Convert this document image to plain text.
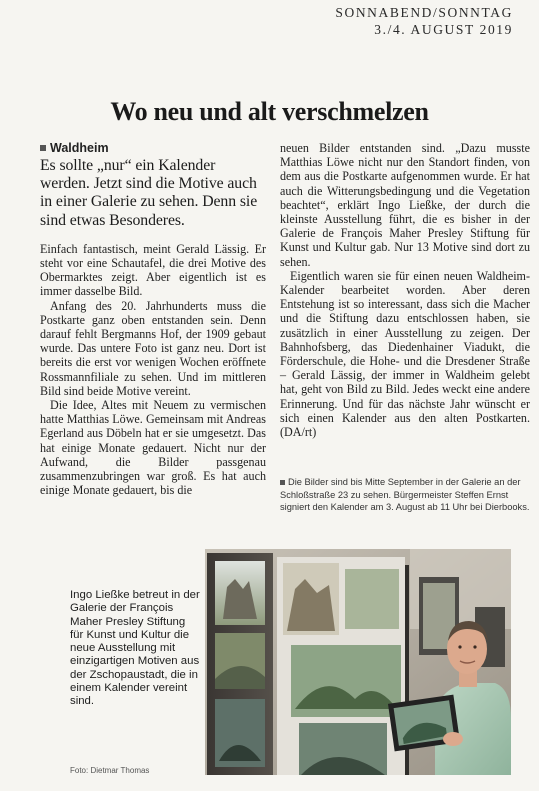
SONNABEND/SONNTAG
3./4. AUGUST 2019
Wo neu und alt verschmelzen
Waldheim
Es sollte „nur“ ein Kalender werden. Jetzt sind die Motive auch in einer Galerie zu sehen. Denn sie sind etwas Besonderes.

Einfach fantastisch, meint Gerald Lässig. Er steht vor eine Schautafel, die drei Motive des Obermarktes zeigt. Aber eigentlich ist es immer dasselbe Bild.

Anfang des 20. Jahrhunderts muss die Postkarte ganz oben entstanden sein. Denn darauf fehlt Bergmanns Hof, der 1909 gebaut wurde. Das untere Foto ist ganz neu. Dort ist bereits die erst vor wenigen Wochen eröffnete Rossmannfiliale zu sehen. Und im mittleren Bild sind beide Motive vereint.

Die Idee, Altes mit Neuem zu vermischen hatte Matthias Löwe. Gemeinsam mit Andreas Egerland aus Döbeln hat er sie umgesetzt. Das hat einige Monate gedauert. Nicht nur der Aufwand, die Bilder passgenau zusammenzubringen war groß. Es hat auch einige Monate gedauert, bis die

neuen Bilder entstanden sind. „Dazu musste Matthias Löwe nicht nur den Standort finden, von dem aus die Postkarte aufgenommen wurde. Er hat auch die Witterungsbedingung und die Vegetation beachtet“, erklärt Ingo Ließke, der durch die kleinste Ausstellung führt, die es bisher in der Galerie de François Maher Presley Stiftung für Kunst und Kultur gab. Nur 13 Motive sind dort zu sehen.

Eigentlich waren sie für einen neuen Waldheim-Kalender bearbeitet worden. Aber deren Entstehung ist so interessant, dass sich die Macher und die Stiftung dazu entschlossen haben, sie zusätzlich in einer Ausstellung zu zeigen. Der Bahnhofsberg, das Diedenhainer Viadukt, die Förderschule, die Hohe- und die Dresdener Straße – Gerald Lässig, der immer in Waldheim gelebt hat, geht von Bild zu Bild. Jedes weckt eine andere Erinnerung. Und für das nächste Jahr wünscht er sich einen Kalender aus den alten Postkarten. (DA/rt)

Die Bilder sind bis Mitte September in der Galerie an der Schloßstraße 23 zu sehen. Bürgermeister Steffen Ernst signiert den Kalender am 3. August ab 11 Uhr bei Dierbooks.
Ingo Ließke betreut in der Galerie der François Maher Presley Stiftung für Kunst und Kultur die neue Ausstellung mit einzigartigen Motiven aus der Zschopaustadt, die in einem Kalender vereint sind.
Foto: Dietmar Thomas
